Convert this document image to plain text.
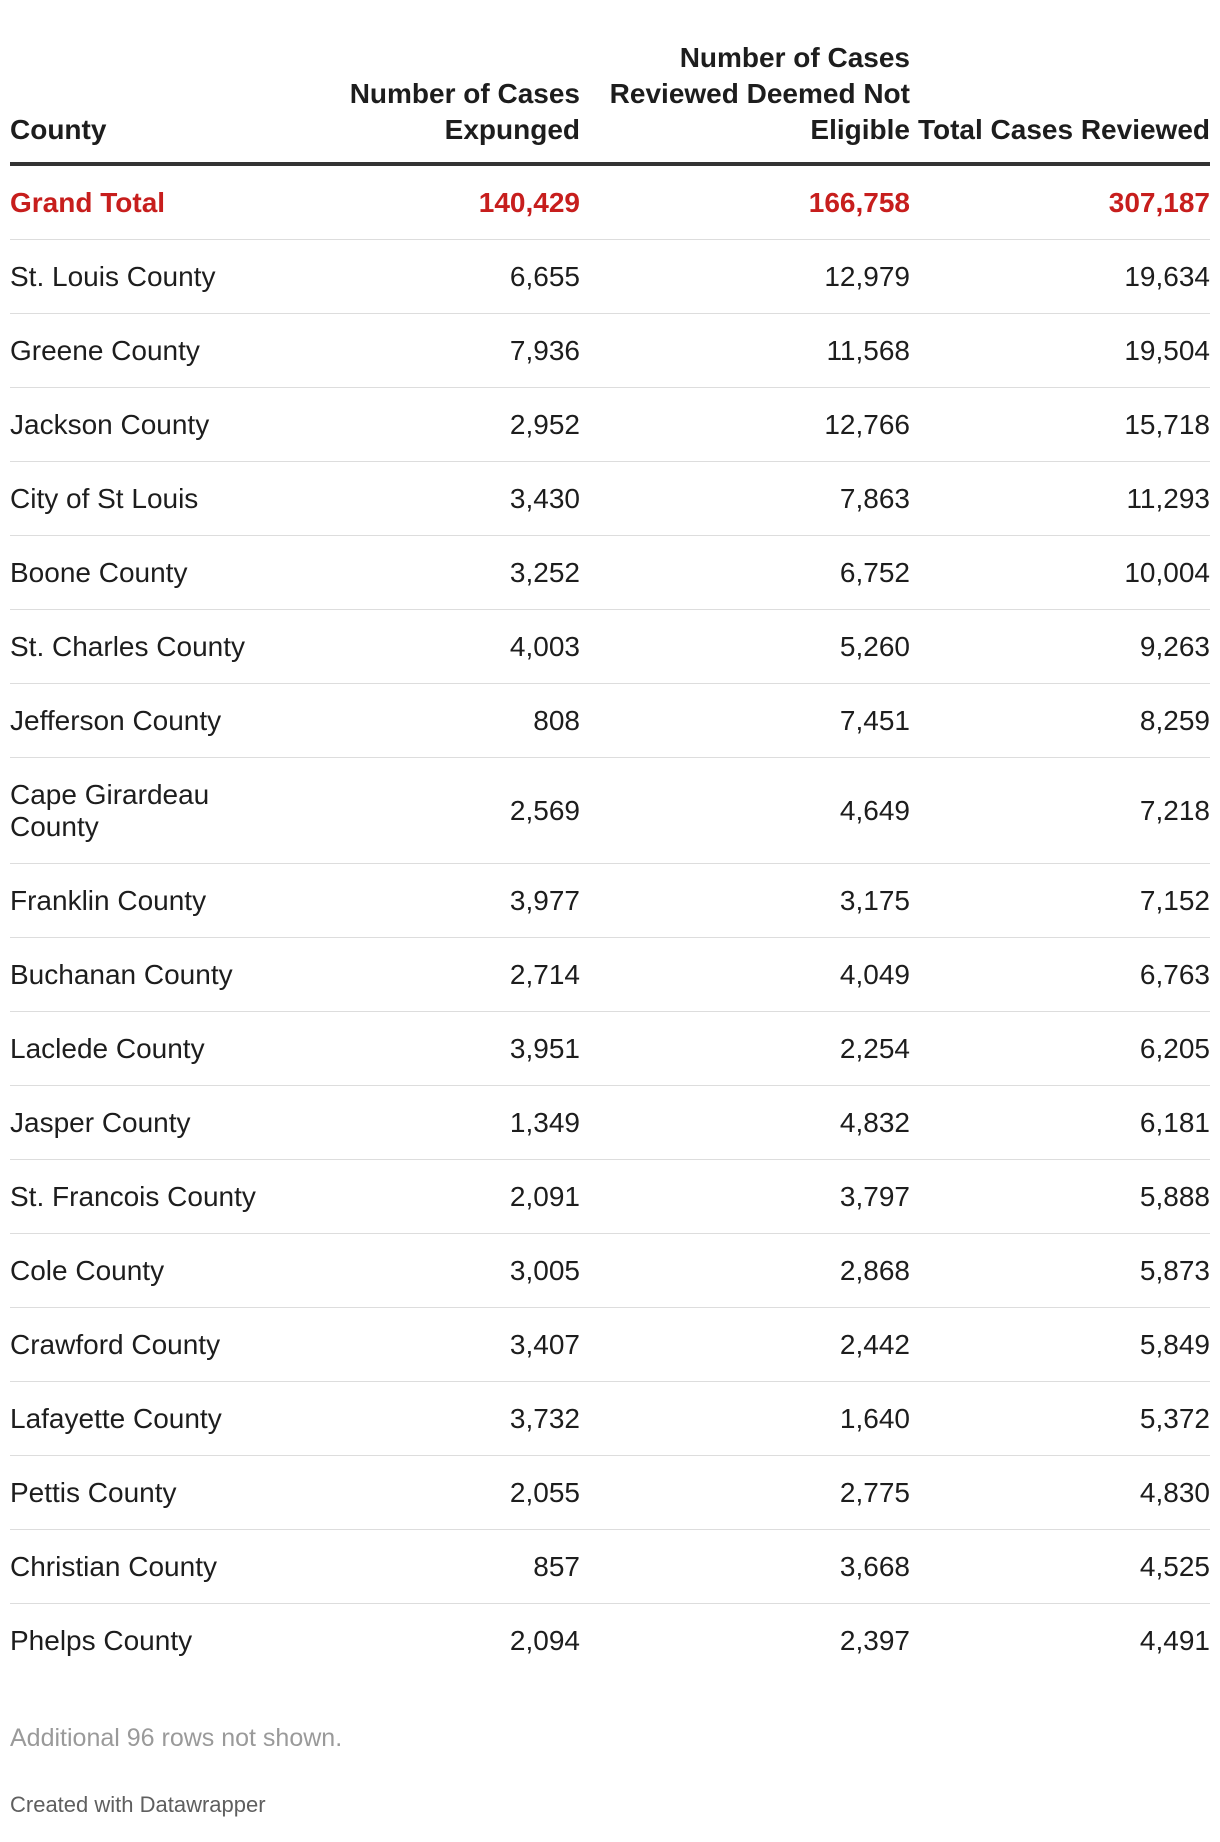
County	Number of Cases Expunged	Number of Cases Reviewed Deemed Not Eligible	Total Cases Reviewed

Grand Total	140,429	166,758	307,187

St. Louis County	6,655	12,979	19,634

Greene County	7,936	11,568	19,504

Jackson County	2,952	12,766	15,718

City of St Louis	3,430	7,863	11,293

Boone County	3,252	6,752	10,004

St. Charles County	4,003	5,260	9,263

Jefferson County	808	7,451	8,259

Cape Girardeau County	2,569	4,649	7,218

Franklin County	3,977	3,175	7,152

Buchanan County	2,714	4,049	6,763

Laclede County	3,951	2,254	6,205

Jasper County	1,349	4,832	6,181

St. Francois County	2,091	3,797	5,888

Cole County	3,005	2,868	5,873

Crawford County	3,407	2,442	5,849

Lafayette County	3,732	1,640	5,372

Pettis County	2,055	2,775	4,830

Christian County	857	3,668	4,525

Phelps County	2,094	2,397	4,491
Additional 96 rows not shown.
Created with Datawrapper
